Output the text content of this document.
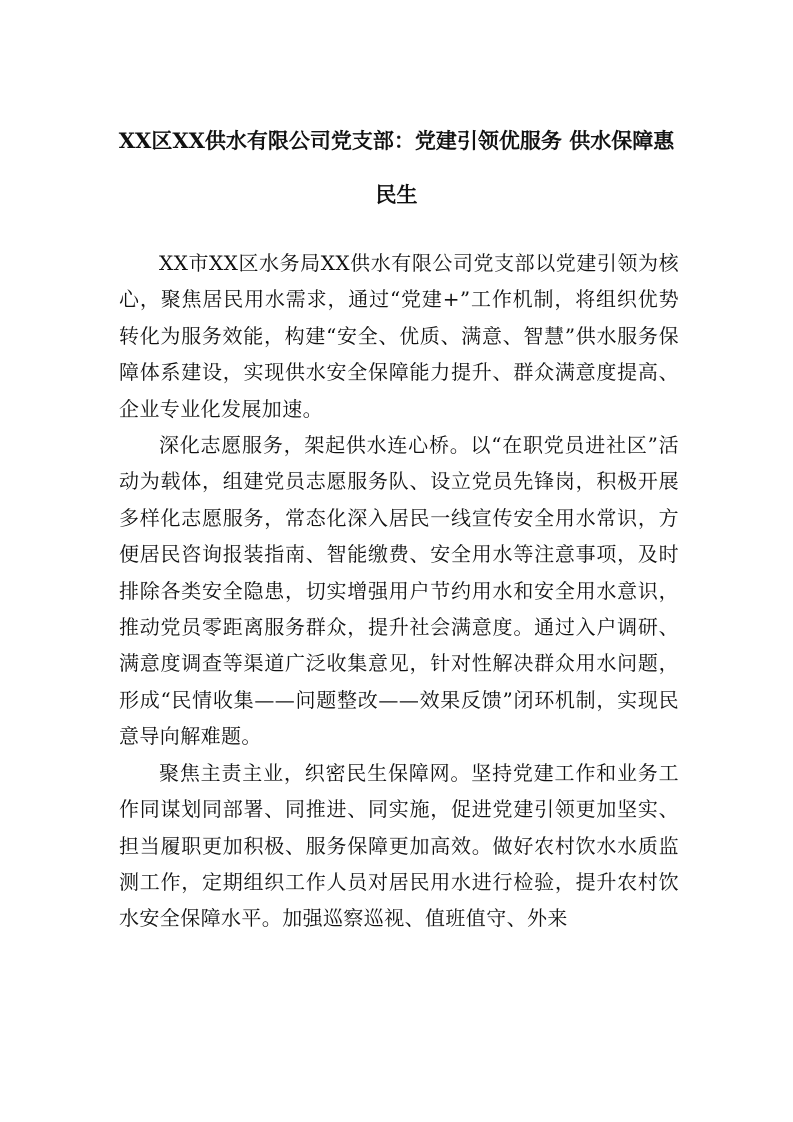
XX区XX供水有限公司党支部：党建引领优服务 供水保障惠
民生

XX市XX区水务局XX供水有限公司党支部以党建引领为核心，聚焦居民用水需求，通过“党建+”工作机制，将组织优势转化为服务效能，构建“安全、优质、满意、智慧”供水服务保障体系建设，实现供水安全保障能力提升、群众满意度提高、企业专业化发展加速。

深化志愿服务，架起供水连心桥。以“在职党员进社区”活动为载体，组建党员志愿服务队、设立党员先锋岗，积极开展多样化志愿服务，常态化深入居民一线宣传安全用水常识，方便居民咨询报装指南、智能缴费、安全用水等注意事项，及时排除各类安全隐患，切实增强用户节约用水和安全用水意识，推动党员零距离服务群众，提升社会满意度。通过入户调研、满意度调查等渠道广泛收集意见，针对性解决群众用水问题，形成“民情收集——问题整改——效果反馈”闭环机制，实现民意导向解难题。

聚焦主责主业，织密民生保障网。坚持党建工作和业务工作同谋划同部署、同推进、同实施，促进党建引领更加坚实、担当履职更加积极、服务保障更加高效。做好农村饮水水质监测工作，定期组织工作人员对居民用水进行检验，提升农村饮水安全保障水平。加强巡察巡视、值班值守、外来
